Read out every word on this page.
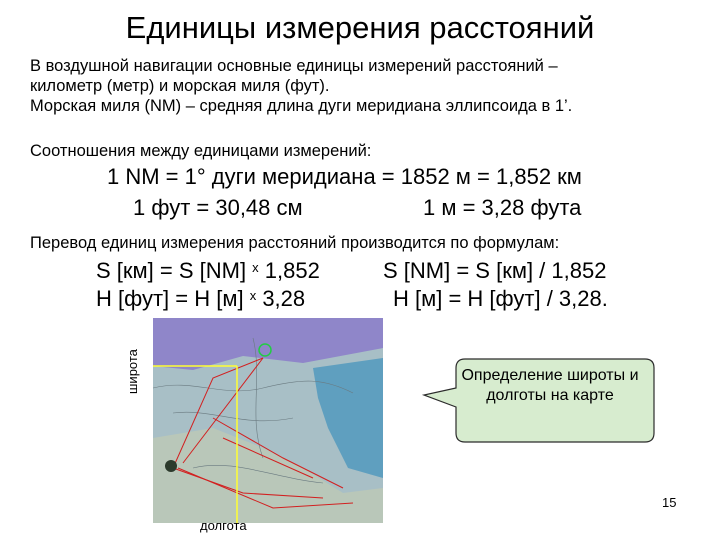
Единицы измерения расстояний
В воздушной навигации основные единицы измерений расстояний –
километр (метр) и морская миля (фут).
Морская миля (NM) – средняя длина дуги меридиана эллипсоида в 1’.
Соотношения между единицами измерений:
1 NM = 1° дуги меридиана = 1852 м = 1,852 км
1 фут = 30,48 см	1 м = 3,28 фута
Перевод единиц измерения расстояний производится по формулам:
S [км] = S [NM] $^x$ 1,852
H [фут] = H [м] $^x$ 3,28
S [NM] = S [км] / 1,852
H [м] = H [фут] / 3,28.
широта
долгота
Определение широты и долготы на карте
15
